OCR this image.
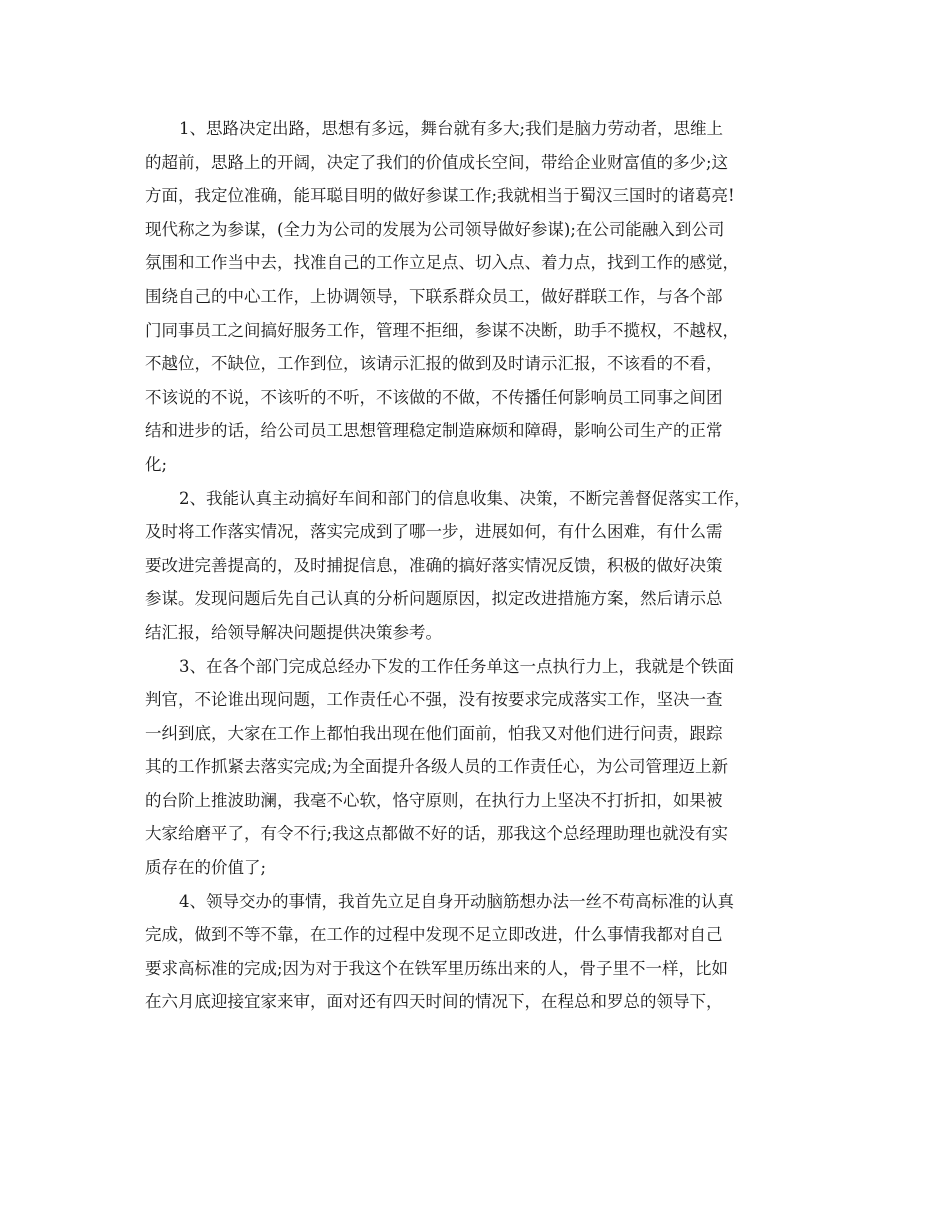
1、思路决定出路，思想有多远，舞台就有多大;我们是脑力劳动者，思维上
的超前，思路上的开阔，决定了我们的价值成长空间，带给企业财富值的多少;这
方面，我定位准确，能耳聪目明的做好参谋工作;我就相当于蜀汉三国时的诸葛亮!
现代称之为参谋，(全力为公司的发展为公司领导做好参谋);在公司能融入到公司
氛围和工作当中去，找准自己的工作立足点、切入点、着力点，找到工作的感觉，
围绕自己的中心工作，上协调领导，下联系群众员工，做好群联工作，与各个部
门同事员工之间搞好服务工作，管理不拒细，参谋不决断，助手不揽权，不越权，
不越位，不缺位，工作到位，该请示汇报的做到及时请示汇报，不该看的不看，
不该说的不说，不该听的不听，不该做的不做，不传播任何影响员工同事之间团
结和进步的话，给公司员工思想管理稳定制造麻烦和障碍，影响公司生产的正常
化;
2、我能认真主动搞好车间和部门的信息收集、决策，不断完善督促落实工作，
及时将工作落实情况，落实完成到了哪一步，进展如何，有什么困难，有什么需
要改进完善提高的，及时捕捉信息，准确的搞好落实情况反馈，积极的做好决策
参谋。发现问题后先自己认真的分析问题原因，拟定改进措施方案，然后请示总
结汇报，给领导解决问题提供决策参考。
3、在各个部门完成总经办下发的工作任务单这一点执行力上，我就是个铁面
判官，不论谁出现问题，工作责任心不强，没有按要求完成落实工作，坚决一查
一纠到底，大家在工作上都怕我出现在他们面前，怕我又对他们进行问责，跟踪
其的工作抓紧去落实完成;为全面提升各级人员的工作责任心，为公司管理迈上新
的台阶上推波助澜，我毫不心软，恪守原则，在执行力上坚决不打折扣，如果被
大家给磨平了，有令不行;我这点都做不好的话，那我这个总经理助理也就没有实
质存在的价值了;
4、领导交办的事情，我首先立足自身开动脑筋想办法一丝不苟高标准的认真
完成，做到不等不靠，在工作的过程中发现不足立即改进，什么事情我都对自己
要求高标准的完成;因为对于我这个在铁军里历练出来的人，骨子里不一样，比如
在六月底迎接宜家来审，面对还有四天时间的情况下，在程总和罗总的领导下，
